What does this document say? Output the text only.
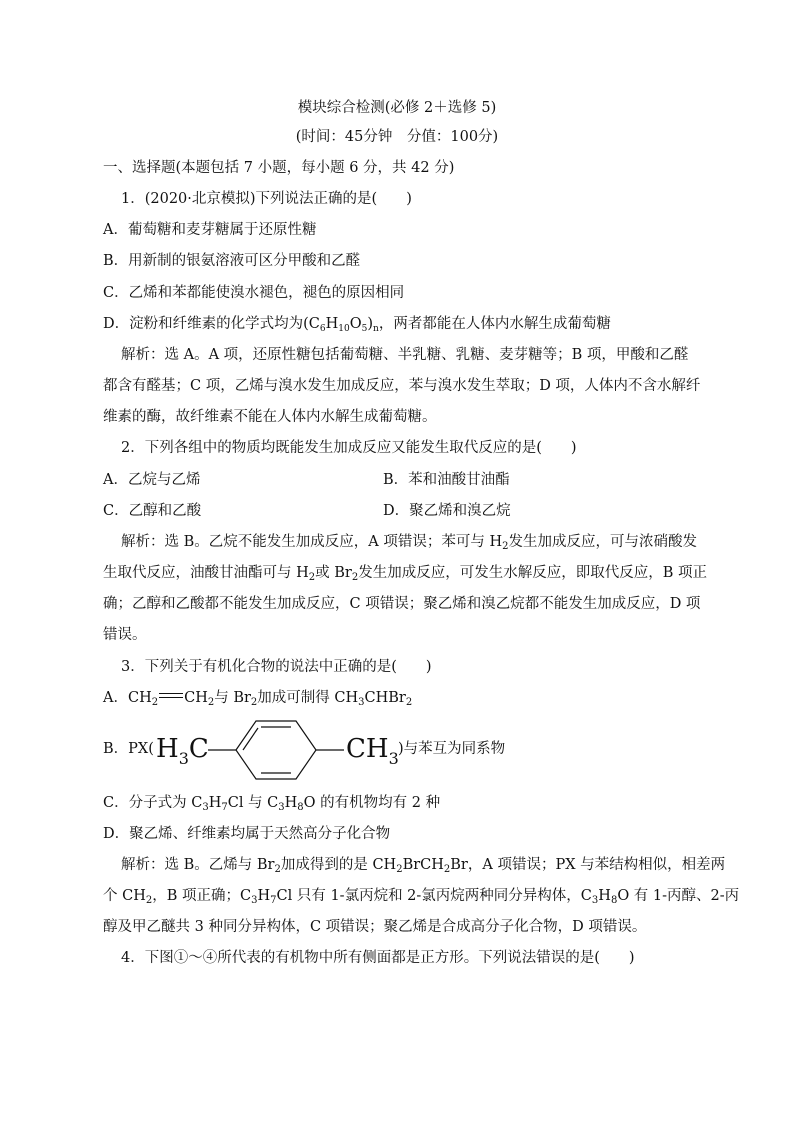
模块综合检测(必修 2＋选修 5)
(时间：45分钟　分值：100分)
一、选择题(本题包括 7 小题，每小题 6 分，共 42 分)
1．(2020·北京模拟)下列说法正确的是(　　)
A．葡萄糖和麦芽糖属于还原性糖
B．用新制的银氨溶液可区分甲酸和乙醛
C．乙烯和苯都能使溴水褪色，褪色的原因相同
D．淀粉和纤维素的化学式均为$(C_6H_{10}O_5)_n$，两者都能在人体内水解生成葡萄糖
解析：选 A。A 项，还原性糖包括葡萄糖、半乳糖、乳糖、麦芽糖等；B 项，甲酸和乙醛
都含有醛基；C 项，乙烯与溴水发生加成反应，苯与溴水发生萃取；D 项，人体内不含水解纤
维素的酶，故纤维素不能在人体内水解生成葡萄糖。
2．下列各组中的物质均既能发生加成反应又能发生取代反应的是(　　)
A．乙烷与乙烯	B．苯和油酸甘油酯
C．乙醇和乙酸	D．聚乙烯和溴乙烷
解析：选 B。乙烷不能发生加成反应，A 项错误；苯可与 $H_2$发生加成反应，可与浓硝酸发
生取代反应，油酸甘油酯可与 $H_2$或 $Br_2$发生加成反应，可发生水解反应，即取代反应，B 项正
确；乙醇和乙酸都不能发生加成反应，C 项错误；聚乙烯和溴乙烷都不能发生加成反应，D 项
错误。
3．下列关于有机化合物的说法中正确的是(　　)
A．$CH_2$ $CH_2$与 $Br_2$加成可制得 $CH_3CHBr_2$
B．PX( $H_3C$	$CH_3$ )与苯互为同系物
C．分子式为 $C_3H_7Cl$ 与 $C_3H_8O$ 的有机物均有 2 种
D．聚乙烯、纤维素均属于天然高分子化合物
解析：选 B。乙烯与 $Br_2$加成得到的是 $CH_2BrCH_2Br$，A 项错误；PX 与苯结构相似，相差两
个 $CH_2$，B 项正确；$C_3H_7Cl$ 只有 1-氯丙烷和 2-氯丙烷两种同分异构体，$C_3H_8O$ 有 1-丙醇、2-丙
醇及甲乙醚共 3 种同分异构体，C 项错误；聚乙烯是合成高分子化合物，D 项错误。
4．下图①～④所代表的有机物中所有侧面都是正方形。下列说法错误的是(　　)
